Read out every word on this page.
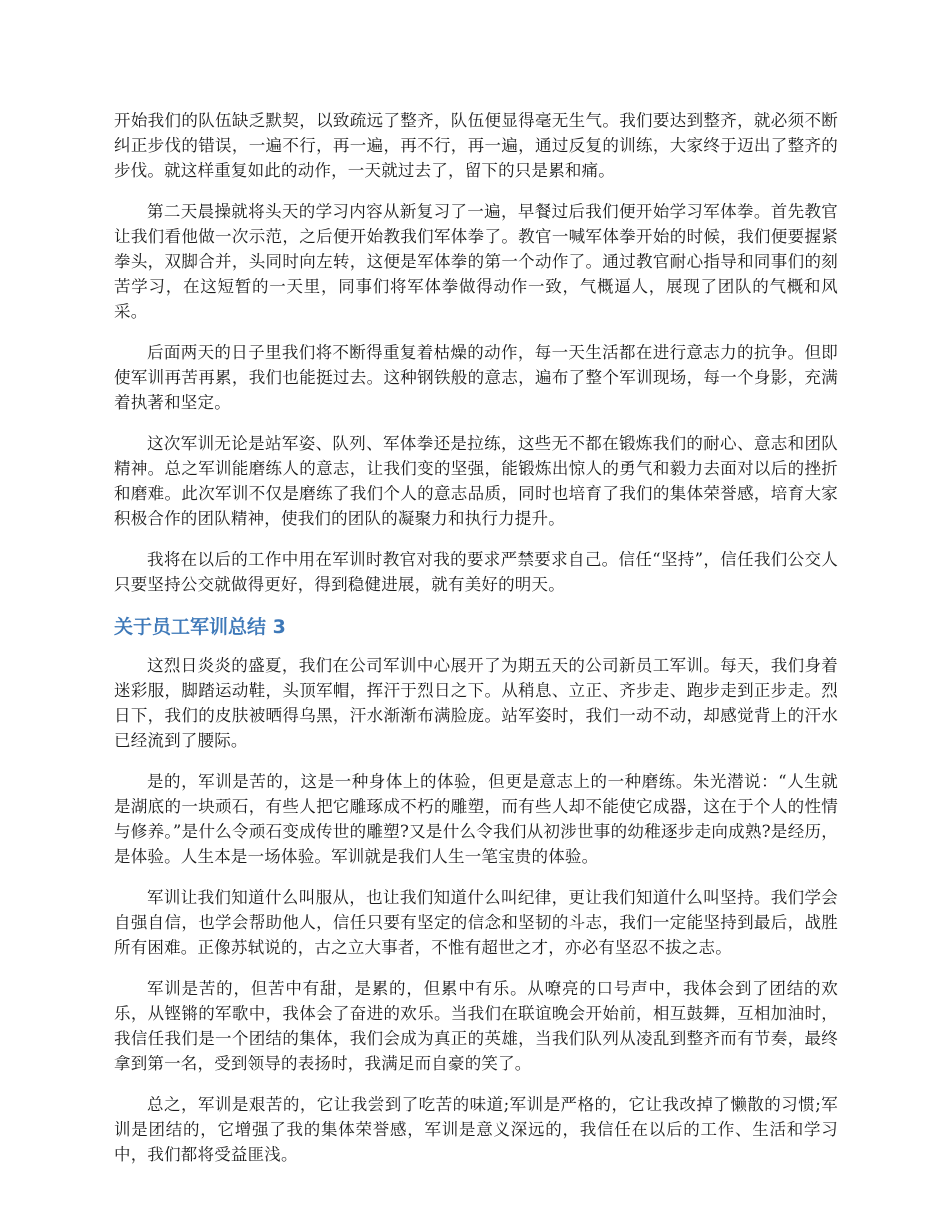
开始我们的队伍缺乏默契，以致疏远了整齐，队伍便显得毫无生气。我们要达到整齐，就必须不断纠正步伐的错误，一遍不行，再一遍，再不行，再一遍，通过反复的训练，大家终于迈出了整齐的步伐。就这样重复如此的动作，一天就过去了，留下的只是累和痛。

第二天晨操就将头天的学习内容从新复习了一遍，早餐过后我们便开始学习军体拳。首先教官让我们看他做一次示范，之后便开始教我们军体拳了。教官一喊军体拳开始的时候，我们便要握紧拳头，双脚合并，头同时向左转，这便是军体拳的第一个动作了。通过教官耐心指导和同事们的刻苦学习，在这短暂的一天里，同事们将军体拳做得动作一致，气概逼人，展现了团队的气概和风采。

后面两天的日子里我们将不断得重复着枯燥的动作，每一天生活都在进行意志力的抗争。但即使军训再苦再累，我们也能挺过去。这种钢铁般的意志，遍布了整个军训现场，每一个身影，充满着执著和坚定。

这次军训无论是站军姿、队列、军体拳还是拉练，这些无不都在锻炼我们的耐心、意志和团队精神。总之军训能磨练人的意志，让我们变的坚强，能锻炼出惊人的勇气和毅力去面对以后的挫折和磨难。此次军训不仅是磨练了我们个人的意志品质，同时也培育了我们的集体荣誉感，培育大家积极合作的团队精神，使我们的团队的凝聚力和执行力提升。

我将在以后的工作中用在军训时教官对我的要求严禁要求自己。信任“坚持”，信任我们公交人只要坚持公交就做得更好，得到稳健进展，就有美好的明天。

关于员工军训总结 3

这烈日炎炎的盛夏，我们在公司军训中心展开了为期五天的公司新员工军训。每天，我们身着迷彩服，脚踏运动鞋，头顶军帽，挥汗于烈日之下。从稍息、立正、齐步走、跑步走到正步走。烈日下，我们的皮肤被晒得乌黑，汗水渐渐布满脸庞。站军姿时，我们一动不动，却感觉背上的汗水已经流到了腰际。

是的，军训是苦的，这是一种身体上的体验，但更是意志上的一种磨练。朱光潜说：“人生就是湖底的一块顽石，有些人把它雕琢成不朽的雕塑，而有些人却不能使它成器，这在于个人的性情与修养。”是什么令顽石变成传世的雕塑?又是什么令我们从初涉世事的幼稚逐步走向成熟?是经历，是体验。人生本是一场体验。军训就是我们人生一笔宝贵的体验。

军训让我们知道什么叫服从，也让我们知道什么叫纪律，更让我们知道什么叫坚持。我们学会自强自信，也学会帮助他人，信任只要有坚定的信念和坚韧的斗志，我们一定能坚持到最后，战胜所有困难。正像苏轼说的，古之立大事者，不惟有超世之才，亦必有坚忍不拔之志。

军训是苦的，但苦中有甜，是累的，但累中有乐。从嘹亮的口号声中，我体会到了团结的欢乐，从铿锵的军歌中，我体会了奋进的欢乐。当我们在联谊晚会开始前，相互鼓舞，互相加油时，我信任我们是一个团结的集体，我们会成为真正的英雄，当我们队列从凌乱到整齐而有节奏，最终拿到第一名，受到领导的表扬时，我满足而自豪的笑了。

总之，军训是艰苦的，它让我尝到了吃苦的味道;军训是严格的，它让我改掉了懒散的习惯;军训是团结的，它增强了我的集体荣誉感，军训是意义深远的，我信任在以后的工作、生活和学习中，我们都将受益匪浅。
